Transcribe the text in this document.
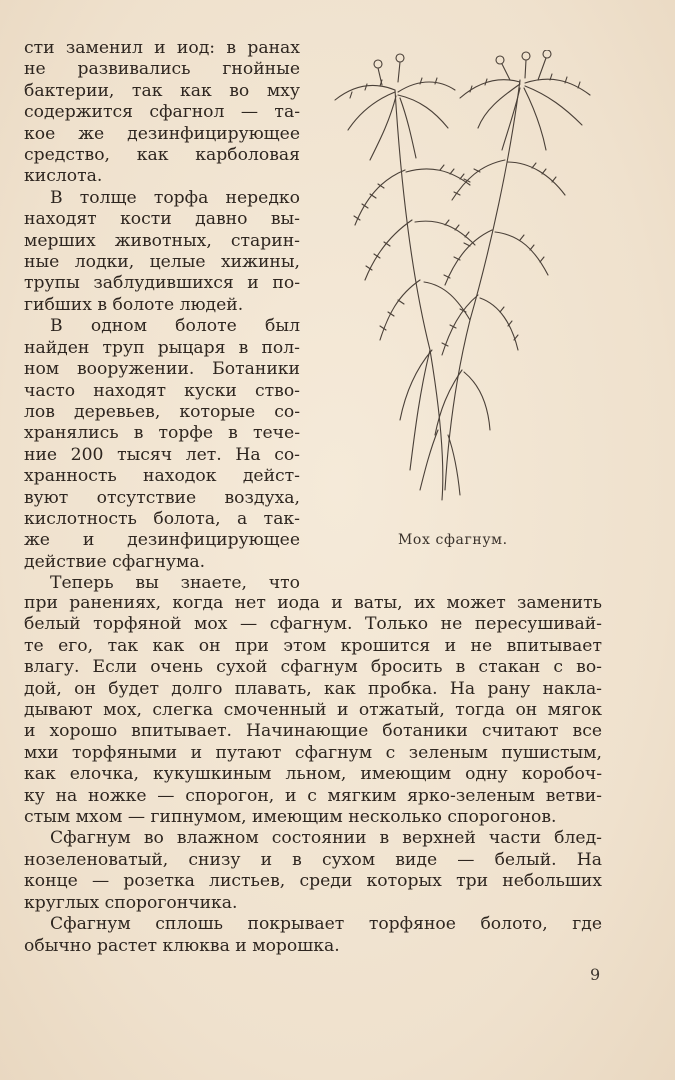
сти заменил и иод: в ранах
не развивались гнойные
бактерии, так как во мху
содержится сфагнол — та-
кое же дезинфицирующее
средство, как карболовая
кислота.
В толще торфа нередко
находят кости давно вы-
мерших животных, старин-
ные лодки, целые хижины,
трупы заблудившихся и по-
гибших в болоте людей.
В одном болоте был
найден труп рыцаря в пол-
ном вооружении. Ботаники
часто находят куски ство-
лов деревьев, которые со-
хранялись в торфе в тече-
ние 200 тысяч лет. На со-
хранность находок дейст-
вуют отсутствие воздуха,
кислотность болота, а так-
же и дезинфицирующее
действие сфагнума.
Теперь вы знаете, что
при ранениях, когда нет иода и ваты, их может заменить
белый торфяной мох — сфагнум. Только не пересушивай-
те его, так как он при этом крошится и не впитывает
влагу. Если очень сухой сфагнум бросить в стакан с во-
дой, он будет долго плавать, как пробка. На рану накла-
дывают мох, слегка смоченный и отжатый, тогда он мягок
и хорошо впитывает. Начинающие ботаники считают все
мхи торфяными и путают сфагнум с зеленым пушистым,
как елочка, кукушкиным льном, имеющим одну коробоч-
ку на ножке — спорогон, и с мягким ярко-зеленым ветви-
стым мхом — гипнумом, имеющим несколько спорогонов.
Сфагнум во влажном состоянии в верхней части блед-
нозеленоватый, снизу и в сухом виде — белый. На
конце — розетка листьев, среди которых три небольших
круглых спорогончика.
Сфагнум сплошь покрывает торфяное болото, где
обычно растет клюква и морошка.
Мох сфагнум.
9
